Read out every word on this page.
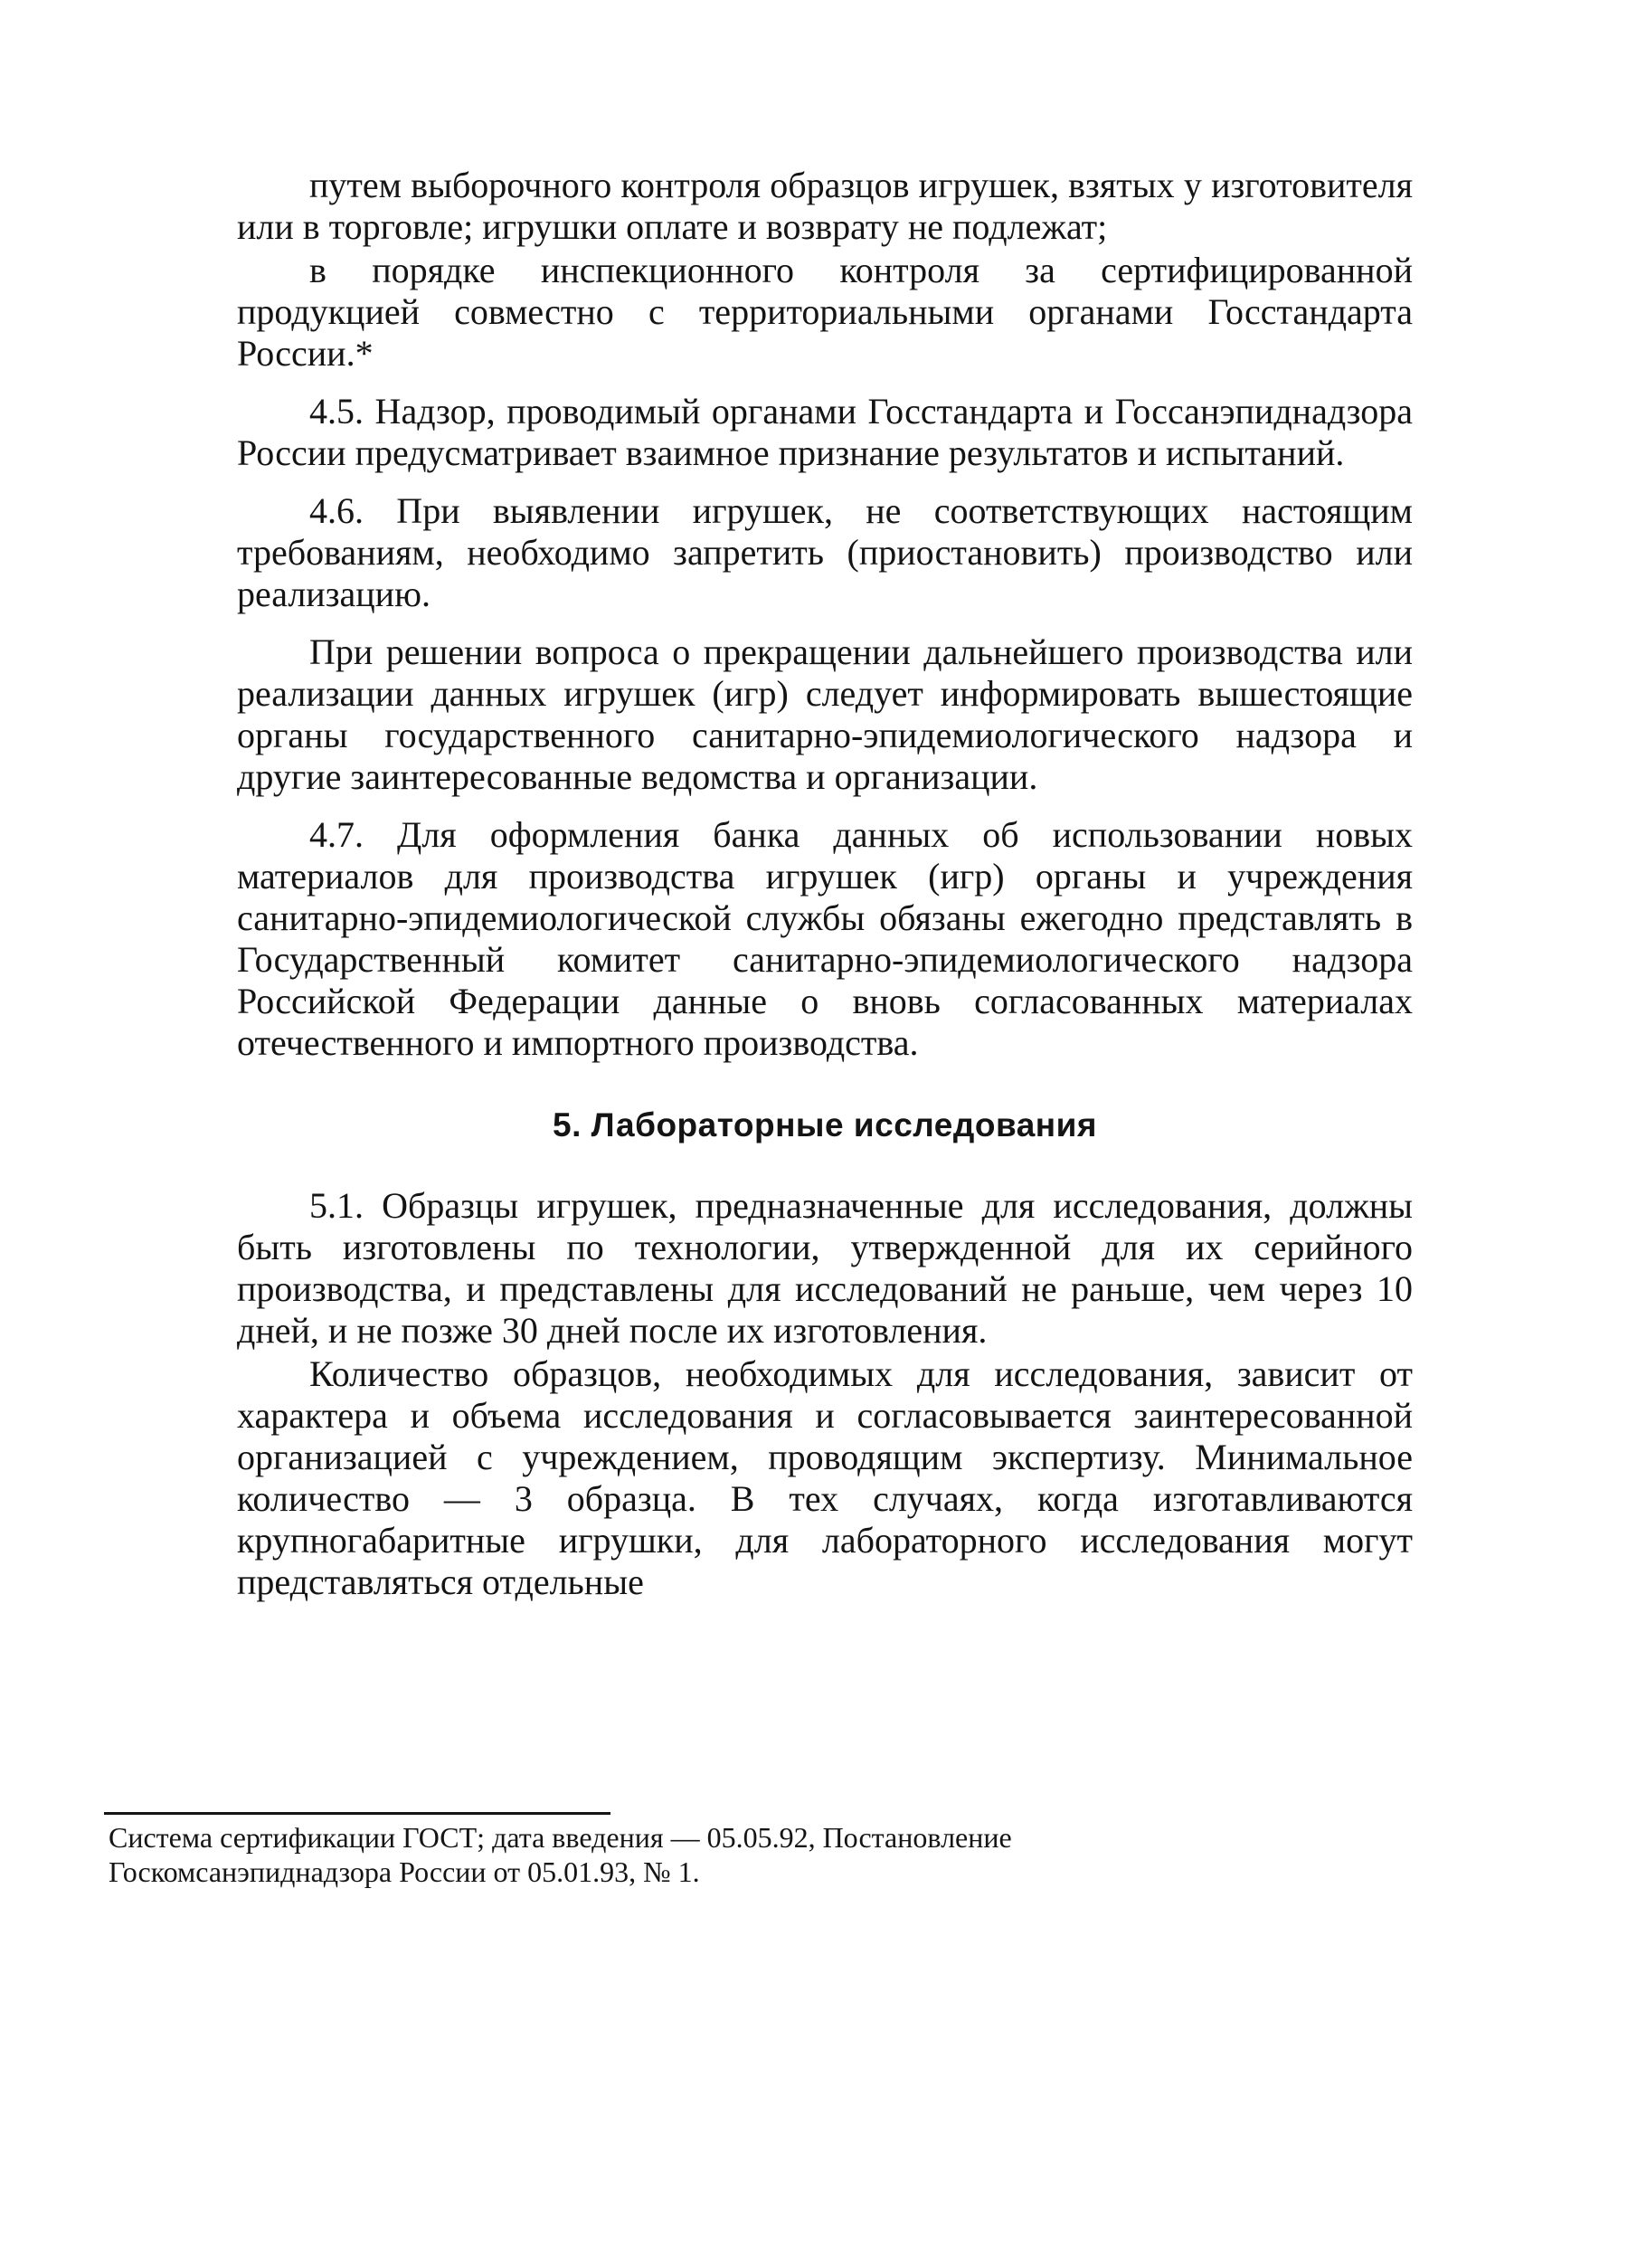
путем выборочного контроля образцов игрушек, взятых у изготовителя или в торговле; игрушки оплате и возврату не подлежат;

в порядке инспекционного контроля за сертифицированной продукцией совместно с территориальными органами Госстандарта России.*

4.5. Надзор, проводимый органами Госстандарта и Госсанэпиднадзора России предусматривает взаимное признание результатов и испытаний.

4.6. При выявлении игрушек, не соответствующих настоящим требованиям, необходимо запретить (приостановить) производство или реализацию.

При решении вопроса о прекращении дальнейшего производства или реализации данных игрушек (игр) следует информировать вышестоящие органы государственного санитарно-эпидемиологического надзора и другие заинтересованные ведомства и организации.

4.7. Для оформления банка данных об использовании новых материалов для производства игрушек (игр) органы и учреждения санитарно-эпидемиологической службы обязаны ежегодно представлять в Государственный комитет санитарно-эпидемиологического надзора Российской Федерации данные о вновь согласованных материалах отечественного и импортного производства.

5. Лабораторные исследования

5.1. Образцы игрушек, предназначенные для исследования, должны быть изготовлены по технологии, утвержденной для их серийного производства, и представлены для исследований не раньше, чем через 10 дней, и не позже 30 дней после их изготовления.

Количество образцов, необходимых для исследования, зависит от характера и объема исследования и согласовывается заинтересованной организацией с учреждением, проводящим экспертизу. Минимальное количество — 3 образца. В тех случаях, когда изготавливаются крупногабаритные игрушки, для лабораторного исследования могут представляться отдельные

Система сертификации ГОСТ; дата введения — 05.05.92, Постановление
Госкомсанэпиднадзора России от 05.01.93, № 1.
